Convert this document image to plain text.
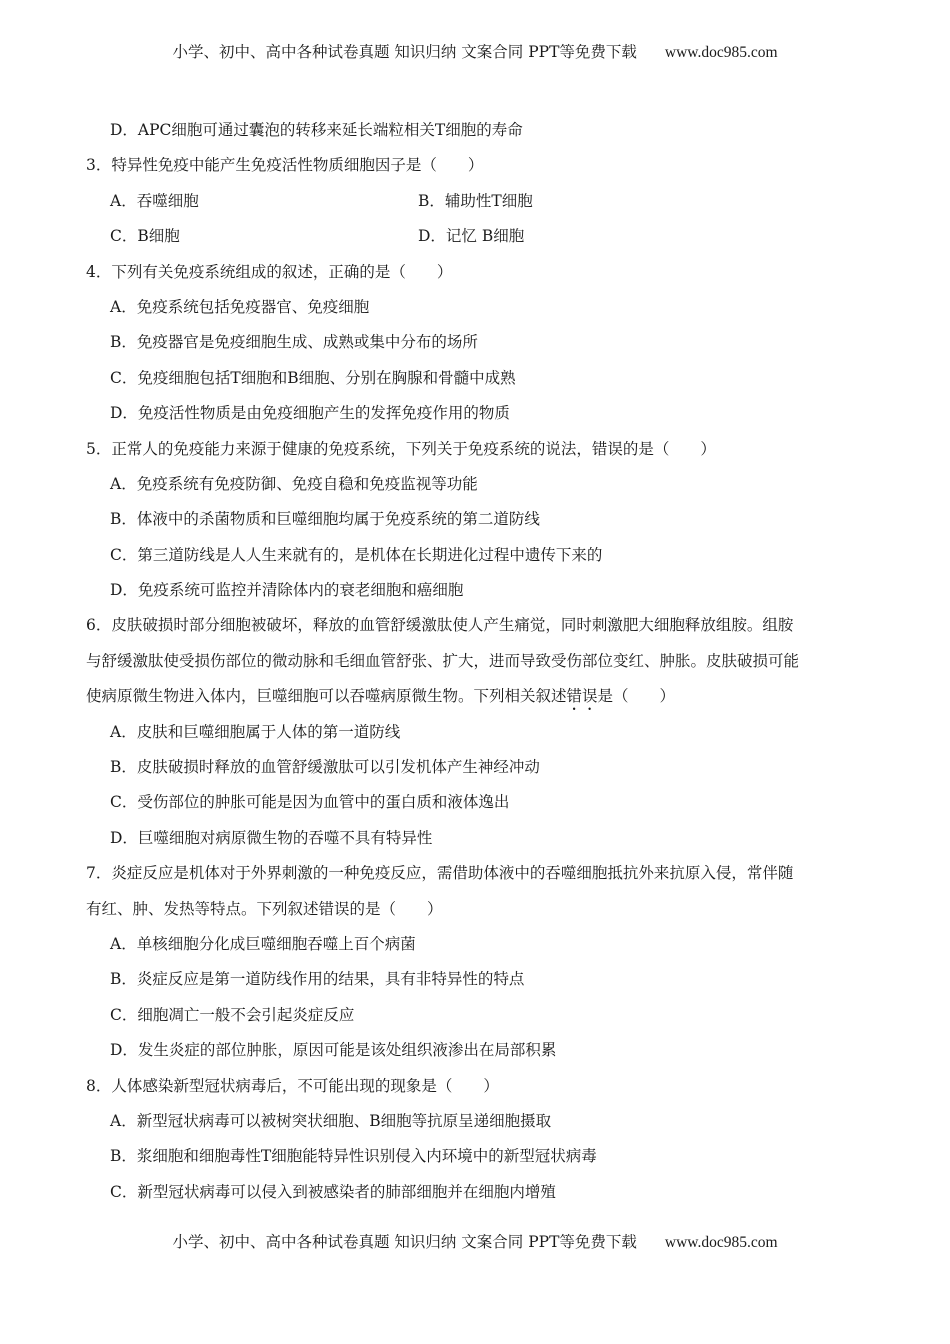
小学、初中、高中各种试卷真题 知识归纳 文案合同 PPT等免费下载 www.doc985.com
D．APC细胞可通过囊泡的转移来延长端粒相关T细胞的寿命
3．特异性免疫中能产生免疫活性物质细胞因子是（　　）
A．吞噬细胞	B．辅助性T细胞
C．B细胞	D．记忆 B细胞
4．下列有关免疫系统组成的叙述，正确的是（　　）
A．免疫系统包括免疫器官、免疫细胞
B．免疫器官是免疫细胞生成、成熟或集中分布的场所
C．免疫细胞包括T细胞和B细胞、分别在胸腺和骨髓中成熟
D．免疫活性物质是由免疫细胞产生的发挥免疫作用的物质
5．正常人的免疫能力来源于健康的免疫系统，下列关于免疫系统的说法，错误的是（　　）
A．免疫系统有免疫防御、免疫自稳和免疫监视等功能
B．体液中的杀菌物质和巨噬细胞均属于免疫系统的第二道防线
C．第三道防线是人人生来就有的，是机体在长期进化过程中遗传下来的
D．免疫系统可监控并清除体内的衰老细胞和癌细胞
6．皮肤破损时部分细胞被破坏，释放的血管舒缓激肽使人产生痛觉，同时刺激肥大细胞释放组胺。组胺
与舒缓激肽使受损伤部位的微动脉和毛细血管舒张、扩大，进而导致受伤部位变红、肿胀。皮肤破损可能
使病原微生物进入体内，巨噬细胞可以吞噬病原微生物。下列相关叙述错误是（　　）
A．皮肤和巨噬细胞属于人体的第一道防线
B．皮肤破损时释放的血管舒缓激肽可以引发机体产生神经冲动
C．受伤部位的肿胀可能是因为血管中的蛋白质和液体逸出
D．巨噬细胞对病原微生物的吞噬不具有特异性
7．炎症反应是机体对于外界刺激的一种免疫反应，需借助体液中的吞噬细胞抵抗外来抗原入侵，常伴随
有红、肿、发热等特点。下列叙述错误的是（　　）
A．单核细胞分化成巨噬细胞吞噬上百个病菌
B．炎症反应是第一道防线作用的结果，具有非特异性的特点
C．细胞凋亡一般不会引起炎症反应
D．发生炎症的部位肿胀，原因可能是该处组织液渗出在局部积累
8．人体感染新型冠状病毒后，不可能出现的现象是（　　）
A．新型冠状病毒可以被树突状细胞、B细胞等抗原呈递细胞摄取
B．浆细胞和细胞毒性T细胞能特异性识别侵入内环境中的新型冠状病毒
C．新型冠状病毒可以侵入到被感染者的肺部细胞并在细胞内增殖
小学、初中、高中各种试卷真题 知识归纳 文案合同 PPT等免费下载 www.doc985.com
